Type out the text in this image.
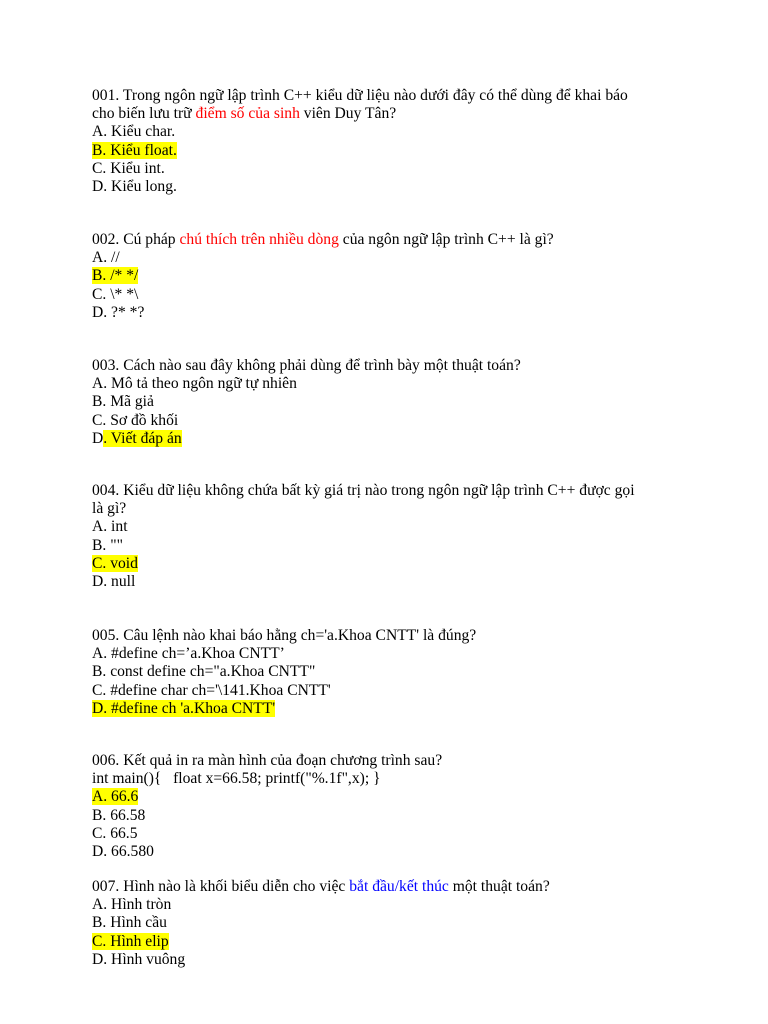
001. Trong ngôn ngữ lập trình C++ kiểu dữ liệu nào dưới đây có thể dùng để khai báo
cho biến lưu trữ điểm số của sinh viên Duy Tân?
A. Kiểu char.
B. Kiểu float.
C. Kiểu int.
D. Kiểu long.
002. Cú pháp chú thích trên nhiều dòng của ngôn ngữ lập trình C++ là gì?
A. //
B. /* */
C. \* *\
D. ?* *?
003. Cách nào sau đây không phải dùng để trình bày một thuật toán?
A. Mô tả theo ngôn ngữ tự nhiên
B. Mã giả
C. Sơ đồ khối
D. Viết đáp án
004. Kiểu dữ liệu không chứa bất kỳ giá trị nào trong ngôn ngữ lập trình C++ được gọi
là gì?
A. int
B. ""
C. void
D. null
005. Câu lệnh nào khai báo hằng ch='a.Khoa CNTT' là đúng?
A. #define ch=’a.Khoa CNTT’
B. const define ch="a.Khoa CNTT"
C. #define char ch='\141.Khoa CNTT'
D. #define ch 'a.Khoa CNTT'
006. Kết quả in ra màn hình của đoạn chương trình sau?
int main(){   float x=66.58; printf("%.1f",x); }
A. 66.6
B. 66.58
C. 66.5
D. 66.580
007. Hình nào là khối biểu diễn cho việc bắt đầu/kết thúc một thuật toán?
A. Hình tròn
B. Hình cầu
C. Hình elip
D. Hình vuông
